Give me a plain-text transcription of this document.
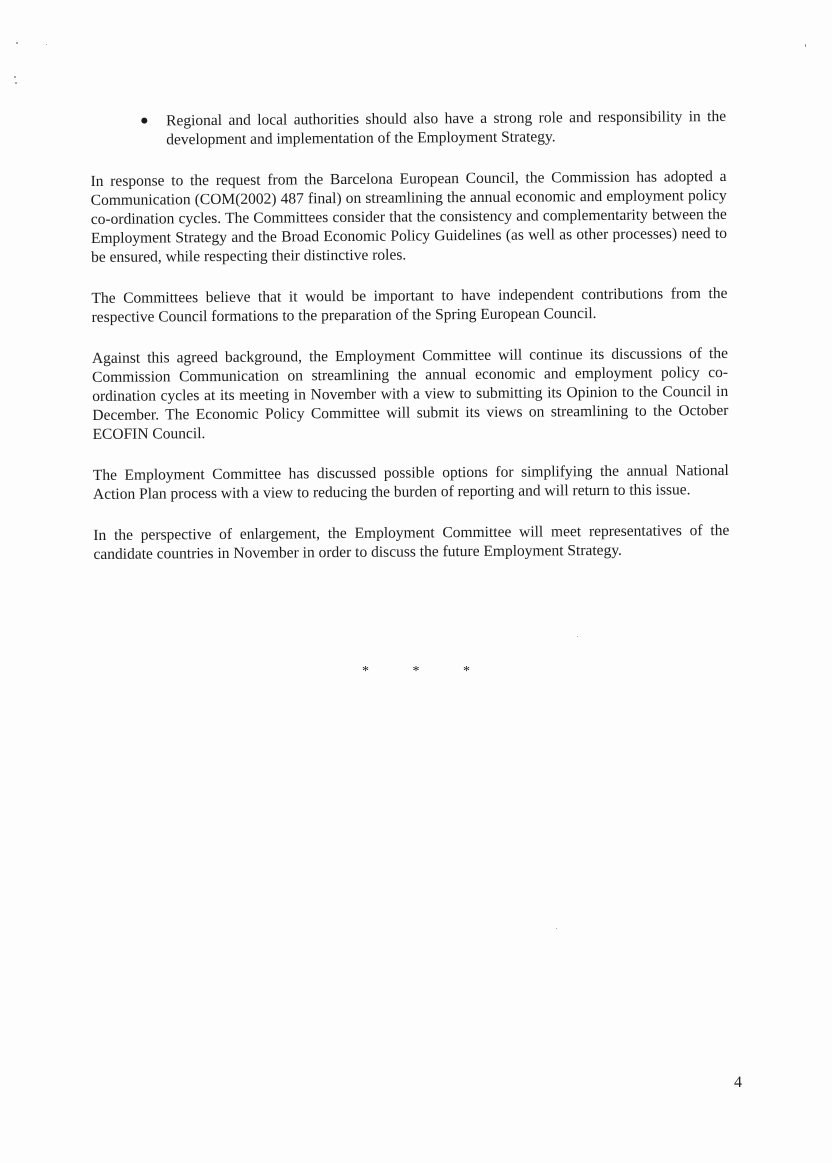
● Regional and local authorities should also have a strong role and responsibility in the development and implementation of the Employment Strategy.

In response to the request from the Barcelona European Council, the Commission has adopted a Communication (COM(2002) 487 final) on streamlining the annual economic and employment policy co-ordination cycles. The Committees consider that the consistency and complementarity between the Employment Strategy and the Broad Economic Policy Guidelines (as well as other processes) need to be ensured, while respecting their distinctive roles.

The Committees believe that it would be important to have independent contributions from the respective Council formations to the preparation of the Spring European Council.

Against this agreed background, the Employment Committee will continue its discussions of the Commission Communication on streamlining the annual economic and employment policy co-ordination cycles at its meeting in November with a view to submitting its Opinion to the Council in December. The Economic Policy Committee will submit its views on streamlining to the October ECOFIN Council.

The Employment Committee has discussed possible options for simplifying the annual National Action Plan process with a view to reducing the burden of reporting and will return to this issue.

In the perspective of enlargement, the Employment Committee will meet representatives of the candidate countries in November in order to discuss the future Employment Strategy.

*	*	*
4
